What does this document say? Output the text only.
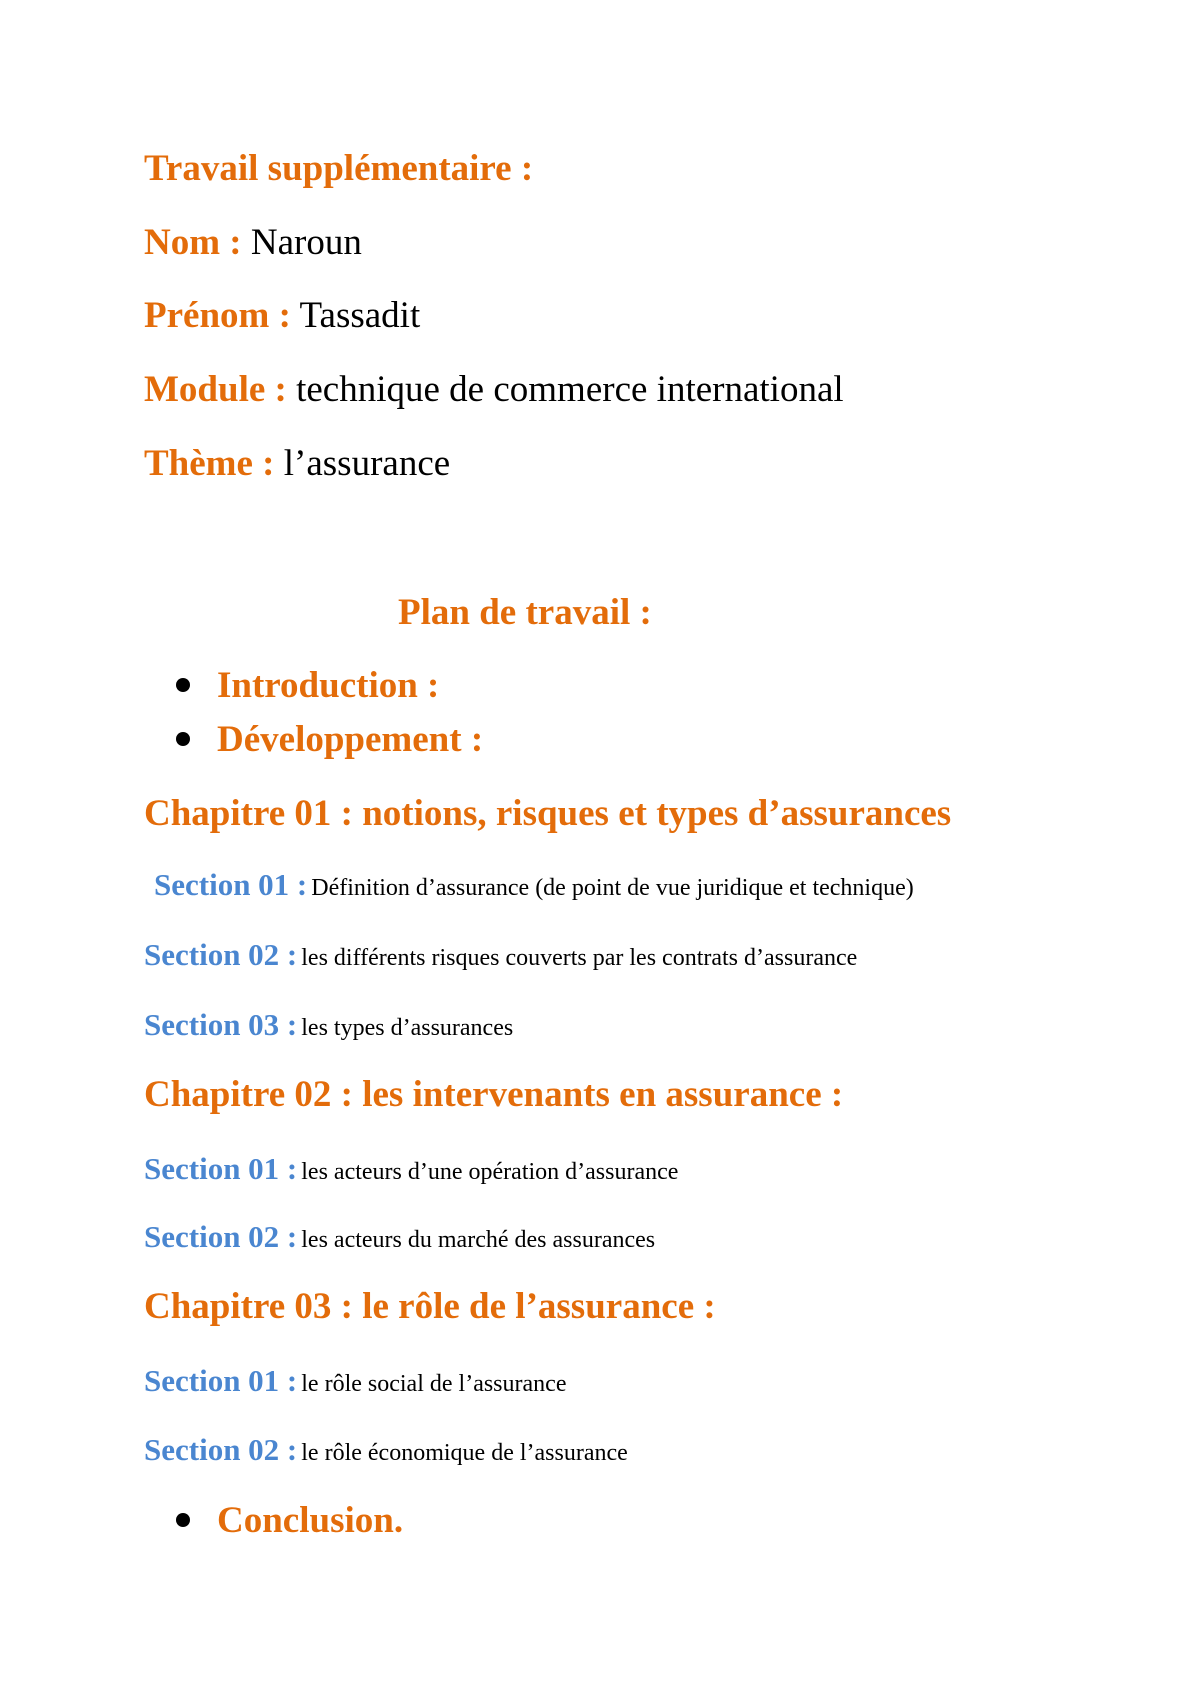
Travail supplémentaire :
Nom : Naroun
Prénom : Tassadit
Module : technique de commerce international
Thème : l’assurance
Plan de travail :
Introduction :
Développement :
Chapitre 01 : notions, risques et types d’assurances
Section 01 : Définition d’assurance (de point de vue juridique et technique)
Section 02 : les différents risques couverts par les contrats d’assurance
Section 03 : les types d’assurances
Chapitre 02 : les intervenants en assurance :
Section 01 : les acteurs d’une opération d’assurance
Section 02 : les acteurs du marché des assurances
Chapitre 03 : le rôle de l’assurance :
Section 01 : le rôle social de l’assurance
Section 02 : le rôle économique de l’assurance
Conclusion.
